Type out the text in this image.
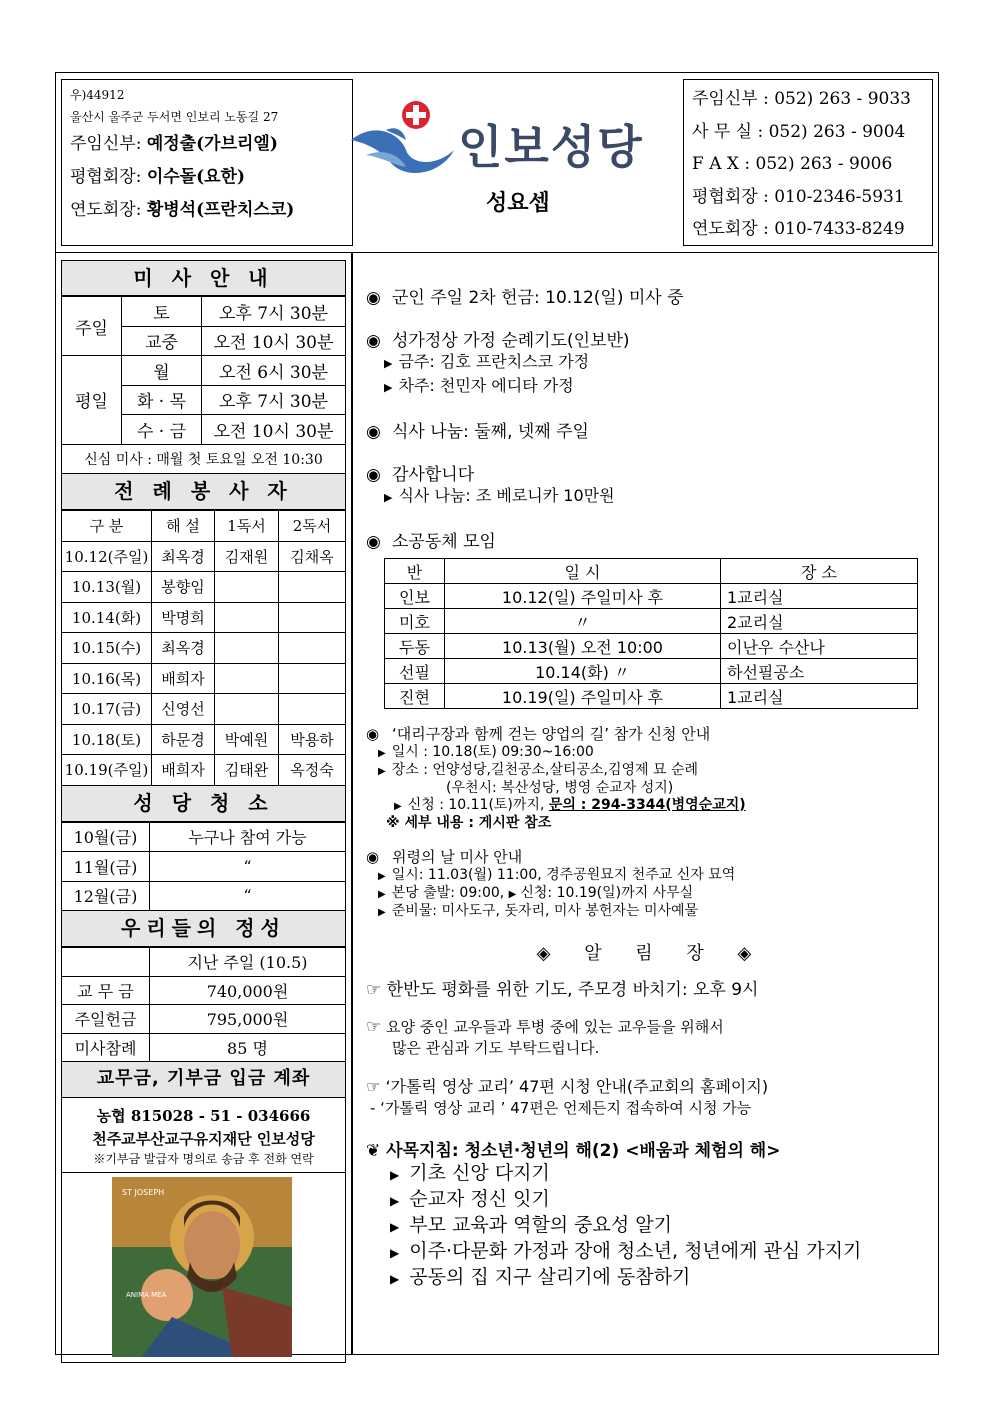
우)44912
울산시 울주군 두서면 인보리 노동길 27
주임신부: 예정출(가브리엘)
평협회장: 이수돌(요한)
연도회장: 황병석(프란치스코)
인보성당
성요셉
주임신부 : 052) 263 - 9033
사 무 실 : 052) 263 - 9004
F A X : 052) 263 - 9006
평협회장 : 010-2346-5931
연도회장 : 010-7433-8249
미 사 안 내
주일	토	오후 7시 30분
	교중	오전 10시 30분
평일	월	오전 6시 30분
	화 · 목	오후 7시 30분
	수 · 금	오전 10시 30분
신심 미사 : 매월 첫 토요일 오전 10:30		
전 례 봉 사 자
구 분	해 설	1독서	2독서
10.12(주일)	최옥경	김재원	김채옥
10.13(월)	봉향임		
10.14(화)	박명희		
10.15(수)	최옥경		
10.16(목)	배희자		
10.17(금)	신영선		
10.18(토)	하문경	박예원	박용하
10.19(주일)	배희자	김태완	옥정숙
성 당 청 소
10월(금)	누구나 참여 가능
11월(금)	“
12월(금)	“
우리들의 정성
	지난 주일 (10.5)
교 무 금	740,000원
주일헌금	795,000원
미사참례	85 명
교무금, 기부금 입금 계좌
농협 815028 - 51 - 034666
천주교부산교구유지재단 인보성당
※기부금 발급자 명의로 송금 후 전화 연락
ST JOSEPH
ANIMA MEA
◉ 군인 주일 2차 헌금: 10.12(일) 미사 중
◉ 성가정상 가정 순례기도(인보반)
▶ 금주: 김호 프란치스코 가정
▶ 차주: 천민자 에디타 가정
◉ 식사 나눔: 둘째, 넷째 주일
◉ 감사합니다
▶ 식사 나눔: 조 베로니카 10만원
◉ 소공동체 모임
반	일 시	장 소
인보	10.12(일) 주일미사 후	1교리실
미호	〃	2교리실
두동	10.13(월) 오전 10:00	이난우 수산나
선필	10.14(화) 〃	하선필공소
진현	10.19(일) 주일미사 후	1교리실
◉ ‘대리구장과 함께 걷는 양업의 길’ 참가 신청 안내
▶ 일시 : 10.18(토) 09:30~16:00
▶ 장소 : 언양성당,길천공소,살티공소,김영제 묘 순례
(우천시: 복산성당, 병영 순교자 성지)
▶ 신청 : 10.11(토)까지, 문의 : 294-3344(병영순교지)
※ 세부 내용 : 게시판 참조
◉ 위령의 날 미사 안내
▶ 일시: 11.03(월) 11:00, 경주공원묘지 천주교 신자 묘역
▶ 본당 출발: 09:00, ▶ 신청: 10.19(일)까지 사무실
▶ 준비물: 미사도구, 돗자리, 미사 봉헌자는 미사예물
◈ 알 림 장 ◈
☞ 한반도 평화를 위한 기도, 주모경 바치기: 오후 9시
☞ 요양 중인 교우들과 투병 중에 있는 교우들을 위해서
많은 관심과 기도 부탁드립니다.
☞ ‘가톨릭 영상 교리’ 47편 시청 안내(주교회의 홈페이지)
- ‘가톨릭 영상 교리 ’ 47편은 언제든지 접속하여 시청 가능
❦ 사목지침: 청소년·청년의 해(2) <배움과 체험의 해>
▶ 기초 신앙 다지기
▶ 순교자 정신 잇기
▶ 부모 교육과 역할의 중요성 알기
▶ 이주·다문화 가정과 장애 청소년, 청년에게 관심 가지기
▶ 공동의 집 지구 살리기에 동참하기
